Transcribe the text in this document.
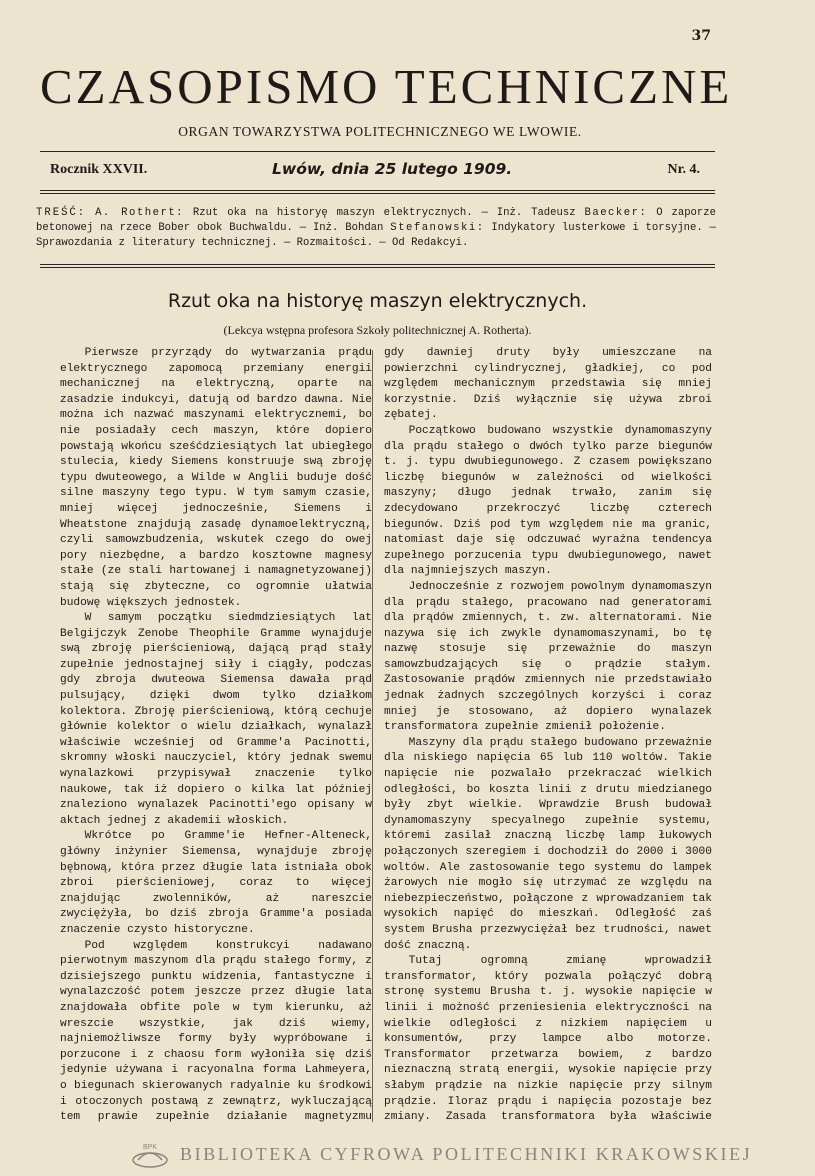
37
CZASOPISMO TECHNICZNE
ORGAN TOWARZYSTWA POLITECHNICZNEGO WE LWOWIE.
Rocznik XXVII.	Lwów, dnia 25 lutego 1909.	Nr. 4.
TREŚĆ: A. Rothert: Rzut oka na historyę maszyn elektrycznych. — Inż. Tadeusz Baecker: O zaporze betonowej na rzece Bober obok Buchwaldu. — Inż. Bohdan Stefanowski: Indykatory lusterkowe i torsyjne. — Sprawozdania z literatury technicznej. — Rozmaitości. — Od Redakcyi.
Rzut oka na historyę maszyn elektrycznych.
(Lekcya wstępna profesora Szkoły politechnicznej A. Rotherta).

Pierwsze przyrządy do wytwarzania prądu elektrycznego zapomocą przemiany energii mechanicznej na elektryczną, oparte na zasadzie indukcyi, datują od bardzo dawna. Nie można ich nazwać maszynami elektrycznemi, bo nie posiadały cech maszyn, które dopiero powstają wkońcu sześćdziesiątych lat ubiegłego stulecia, kiedy Siemens konstruuje swą zbroję typu dwuteowego, a Wilde w Anglii buduje dość silne maszyny tego typu. W tym samym czasie, mniej więcej jednocześnie, Siemens i Wheatstone znajdują zasadę dynamoelektryczną, czyli samowzbudzenia, wskutek czego do owej pory niezbędne, a bardzo kosztowne magnesy stałe (ze stali hartowanej i namagnetyzowanej) stają się zbyteczne, co ogromnie ułatwia budowę większych jednostek.

W samym początku siedmdziesiątych lat Belgijczyk Zenobe Theophile Gramme wynajduje swą zbroję pierścieniową, dającą prąd stały zupełnie jednostajnej siły i ciągły, podczas gdy zbroja dwuteowa Siemensa dawała prąd pulsujący, dzięki dwom tylko działkom kolektora. Zbroję pierścieniową, którą cechuje głównie kolektor o wielu działkach, wynalazł właściwie wcześniej od Gramme'a Pacinotti, skromny włoski nauczyciel, który jednak swemu wynalazkowi przypisywał znaczenie tylko naukowe, tak iż dopiero o kilka lat później znaleziono wynalazek Pacinotti'ego opisany w aktach jednej z akademii włoskich.

Wkrótce po Gramme'ie Hefner-Alteneck, główny inżynier Siemensa, wynajduje zbroję bębnową, która przez długie lata istniała obok zbroi pierścieniowej, coraz to więcej znajdując zwolenników, aż nareszcie zwyciężyła, bo dziś zbroja Gramme'a posiada znaczenie czysto historyczne.

Pod względem konstrukcyi nadawano pierwotnym maszynom dla prądu stałego formy, z dzisiejszego punktu widzenia, fantastyczne i wynalazczość potem jeszcze przez długie lata znajdowała obfite pole w tym kierunku, aż wreszcie wszystkie, jak dziś wiemy, najniemożliwsze formy były wypróbowane i porzucone i z chaosu form wyłoniła się dziś jedynie używana i racyonalna forma Lahmeyera, o biegunach skierowanych radyalnie ku środkowi i otoczonych postawą z zewnątrz, wykluczającą tem prawie zupełnie działanie magnetyzmu

gdy dawniej druty były umieszczane na powierzchni cylindrycznej, gładkiej, co pod względem mechanicznym przedstawia się mniej korzystnie. Dziś wyłącznie się używa zbroi zębatej.

Początkowo budowano wszystkie dynamomaszyny dla prądu stałego o dwóch tylko parze biegunów t. j. typu dwubiegunowego. Z czasem powiększano liczbę biegunów w zależności od wielkości maszyny; długo jednak trwało, zanim się zdecydowano przekroczyć liczbę czterech biegunów. Dziś pod tym względem nie ma granic, natomiast daje się odczuwać wyraźna tendencya zupełnego porzucenia typu dwubiegunowego, nawet dla najmniejszych maszyn.

Jednocześnie z rozwojem powolnym dynamomaszyn dla prądu stałego, pracowano nad generatorami dla prądów zmiennych, t. zw. alternatorami. Nie nazywa się ich zwykle dynamomaszynami, bo tę nazwę stosuje się przeważnie do maszyn samowzbudzających się o prądzie stałym. Zastosowanie prądów zmiennych nie przedstawiało jednak żadnych szczególnych korzyści i coraz mniej je stosowano, aż dopiero wynalazek transformatora zupełnie zmienił położenie.

Maszyny dla prądu stałego budowano przeważnie dla niskiego napięcia 65 lub 110 woltów. Takie napięcie nie pozwalało przekraczać wielkich odległości, bo koszta linii z drutu miedzianego były zbyt wielkie. Wprawdzie Brush budował dynamomaszyny specyalnego zupełnie systemu, któremi zasilał znaczną liczbę lamp łukowych połączonych szeregiem i dochodził do 2000 i 3000 woltów. Ale zastosowanie tego systemu do lampek żarowych nie mogło się utrzymać ze względu na niebezpieczeństwo, połączone z wprowadzaniem tak wysokich napięć do mieszkań. Odległość zaś system Brusha przezwyciężał bez trudności, nawet dość znaczną.

Tutaj ogromną zmianę wprowadził transformator, który pozwala połączyć dobrą stronę systemu Brusha t. j. wysokie napięcie w linii i możność przeniesienia elektryczności na wielkie odległości z nizkiem napięciem u konsumentów, przy lampce albo motorze. Transformator przetwarza bowiem, z bardzo nieznaczną stratą energii, wysokie napięcie przy słabym prądzie na nizkie napięcie przy silnym prądzie. Iloraz prądu i napięcia pozostaje bez zmiany. Zasada transformatora była właściwie

BPK BIBLIOTEKA CYFROWA POLITECHNIKI KRAKOWSKIEJ
